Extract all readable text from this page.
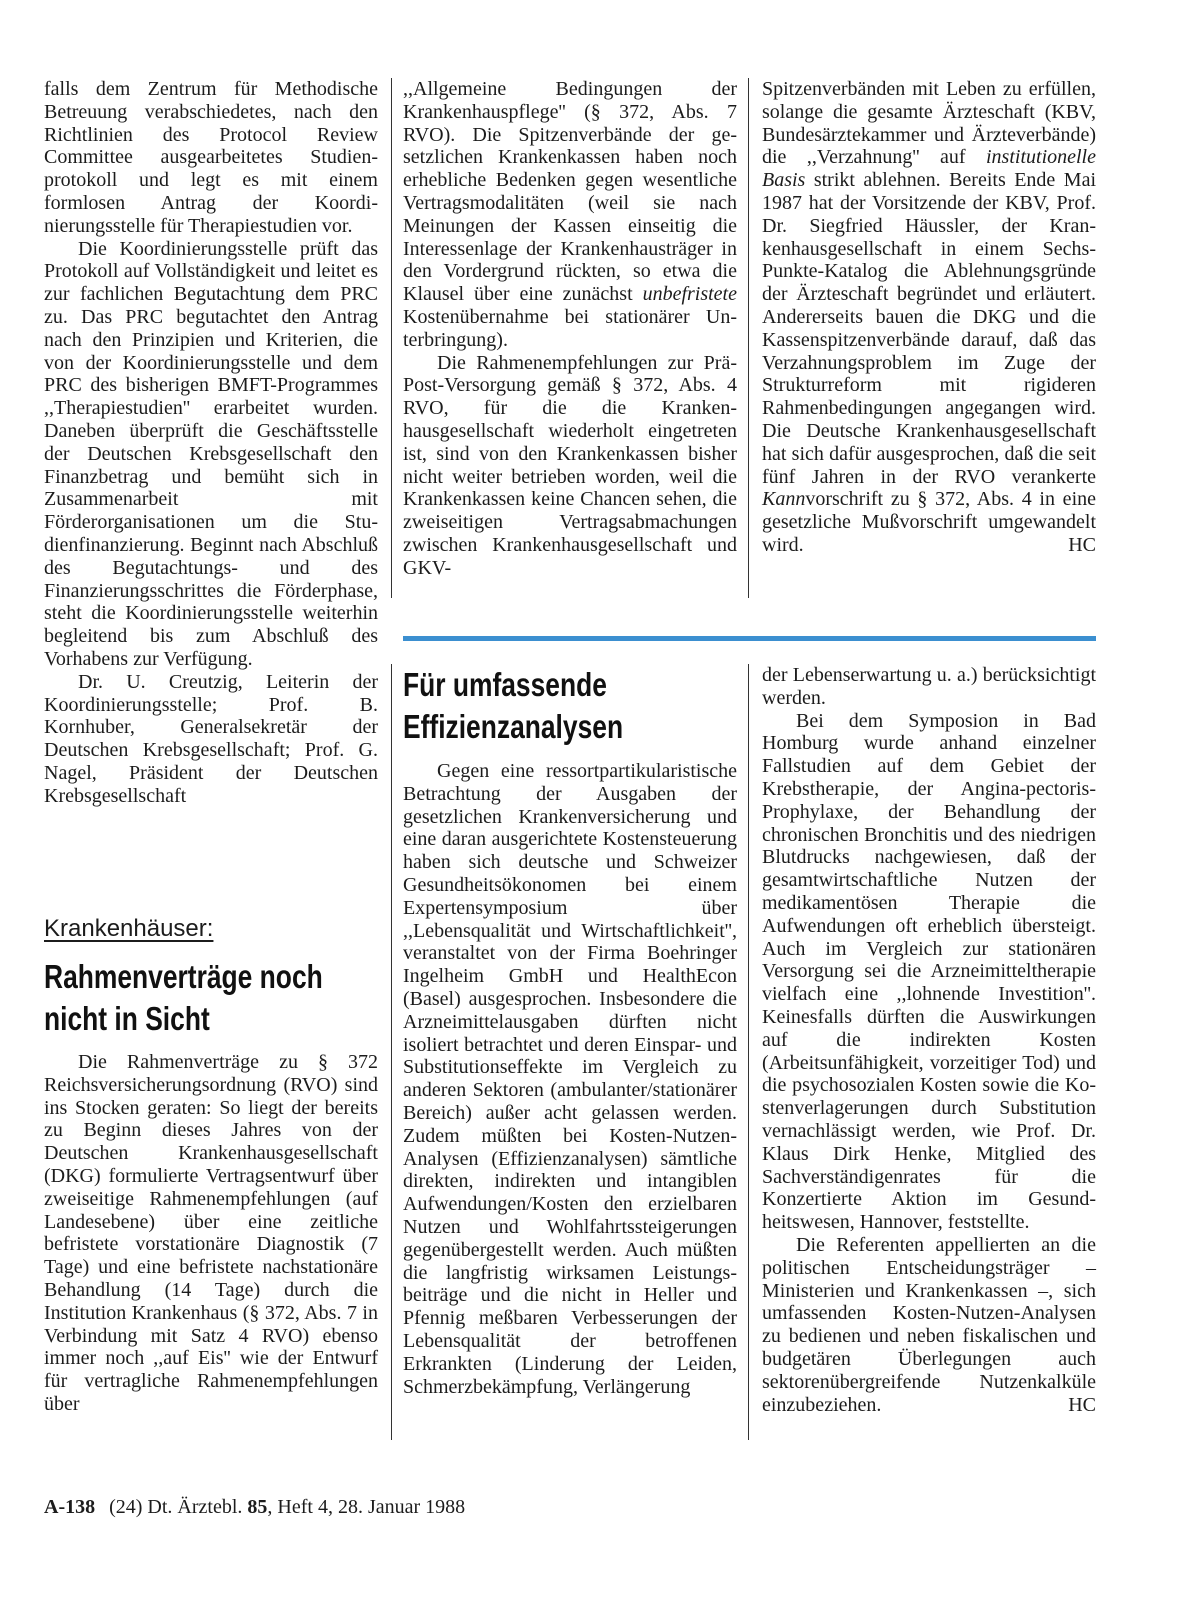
falls dem Zentrum für Methodische Betreuung verabschiedetes, nach den Richtlinien des Protocol Review Committee ausgearbeitetes Studienprotokoll und legt es mit einem formlosen Antrag der Koordinierungsstelle für Therapiestudien vor.

Die Koordinierungsstelle prüft das Protokoll auf Vollständigkeit und leitet es zur fachlichen Begutachtung dem PRC zu. Das PRC begutachtet den Antrag nach den Prinzipien und Kriterien, die von der Koordinierungsstelle und dem PRC des bisherigen BMFT-Programmes ,,Therapiestudien'' erarbeitet wurden. Daneben überprüft die Geschäftsstelle der Deutschen Krebsgesellschaft den Finanzbetrag und bemüht sich in Zusammenarbeit mit Förderorganisationen um die Studienfinanzierung. Beginnt nach Abschluß des Begutachtungs- und des Finanzierungsschrittes die Förderphase, steht die Koordinierungsstelle weiterhin begleitend bis zum Abschluß des Vorhabens zur Verfügung.

Dr. U. Creutzig, Leiterin der Koordinierungsstelle; Prof. B. Kornhuber, Generalsekretär der Deutschen Krebsgesellschaft; Prof. G. Nagel, Präsident der Deutschen Krebsgesellschaft

Krankenhäuser:
Rahmenverträge noch
nicht in Sicht

Die Rahmenverträge zu § 372 Reichsversicherungsordnung (RVO) sind ins Stocken geraten: So liegt der bereits zu Beginn dieses Jahres von der Deutschen Krankenhausgesellschaft (DKG) formulierte Vertragsentwurf über zweiseitige Rahmenempfehlungen (auf Landesebene) über eine zeitliche befristete vorstationäre Diagnostik (7 Tage) und eine befristete nachstationäre Behandlung (14 Tage) durch die Institution Krankenhaus (§ 372, Abs. 7 in Verbindung mit Satz 4 RVO) ebenso immer noch ,,auf Eis'' wie der Entwurf für vertragliche Rahmenempfehlungen über

,,Allgemeine Bedingungen der Krankenhauspflege'' (§ 372, Abs. 7 RVO). Die Spitzenverbände der gesetzlichen Krankenkassen haben noch erhebliche Bedenken gegen wesentliche Vertragsmodalitäten (weil sie nach Meinungen der Kassen einseitig die Interessenlage der Krankenhausträger in den Vordergrund rückten, so etwa die Klausel über eine zunächst unbefristete Kostenübernahme bei stationärer Unterbringung).

Die Rahmenempfehlungen zur Prä-Post-Versorgung gemäß § 372, Abs. 4 RVO, für die die Krankenhausgesellschaft wiederholt eingetreten ist, sind von den Krankenkassen bisher nicht weiter betrieben worden, weil die Krankenkassen keine Chancen sehen, die zweiseitigen Vertragsabmachungen zwischen Krankenhausgesellschaft und GKV-

Spitzenverbänden mit Leben zu erfüllen, solange die gesamte Ärzteschaft (KBV, Bundesärztekammer und Ärzteverbände) die ,,Verzahnung'' auf institutionelle Basis strikt ablehnen. Bereits Ende Mai 1987 hat der Vorsitzende der KBV, Prof. Dr. Siegfried Häussler, der Krankenhausgesellschaft in einem Sechs-Punkte-Katalog die Ablehnungsgründe der Ärzteschaft begründet und erläutert. Andererseits bauen die DKG und die Kassenspitzenverbände darauf, daß das Verzahnungsproblem im Zuge der Strukturreform mit rigideren Rahmenbedingungen angegangen wird. Die Deutsche Krankenhausgesellschaft hat sich dafür ausgesprochen, daß die seit fünf Jahren in der RVO verankerte Kannvorschrift zu § 372, Abs. 4 in eine gesetzliche Mußvorschrift umgewandelt wird.	HC

Für umfassende
Effizienzanalysen

Gegen eine ressortpartikularistische Betrachtung der Ausgaben der gesetzlichen Krankenversicherung und eine daran ausgerichtete Kostensteuerung haben sich deutsche und Schweizer Gesundheitsökonomen bei einem Expertensymposium über ,,Lebensqualität und Wirtschaftlichkeit'', veranstaltet von der Firma Boehringer Ingelheim GmbH und HealthEcon (Basel) ausgesprochen. Insbesondere die Arzneimittelausgaben dürften nicht isoliert betrachtet und deren Einspar- und Substitutionseffekte im Vergleich zu anderen Sektoren (ambulanter/stationärer Bereich) außer acht gelassen werden. Zudem müßten bei Kosten-Nutzen-Analysen (Effizienzanalysen) sämtliche direkten, indirekten und intangiblen Aufwendungen/Kosten den erzielbaren Nutzen und Wohlfahrtssteigerungen gegenübergestellt werden. Auch müßten die langfristig wirksamen Leistungsbeiträge und die nicht in Heller und Pfennig meßbaren Verbesserungen der Lebensqualität der betroffenen Erkrankten (Linderung der Leiden, Schmerzbekämpfung, Verlängerung

der Lebenserwartung u. a.) berücksichtigt werden.

Bei dem Symposion in Bad Homburg wurde anhand einzelner Fallstudien auf dem Gebiet der Krebstherapie, der Angina-pectoris-Prophylaxe, der Behandlung der chronischen Bronchitis und des niedrigen Blutdrucks nachgewiesen, daß der gesamtwirtschaftliche Nutzen der medikamentösen Therapie die Aufwendungen oft erheblich übersteigt. Auch im Vergleich zur stationären Versorgung sei die Arzneimitteltherapie vielfach eine ,,lohnende Investition''. Keinesfalls dürften die Auswirkungen auf die indirekten Kosten (Arbeitsunfähigkeit, vorzeitiger Tod) und die psychosozialen Kosten sowie die Kostenverlagerungen durch Substitution vernachlässigt werden, wie Prof. Dr. Klaus Dirk Henke, Mitglied des Sachverständigenrates für die Konzertierte Aktion im Gesundheitswesen, Hannover, feststellte.

Die Referenten appellierten an die politischen Entscheidungsträger – Ministerien und Krankenkassen –, sich umfassenden Kosten-Nutzen-Analysen zu bedienen und neben fiskalischen und budgetären Überlegungen auch sektorenübergreifende Nutzenkalküle einzubeziehen.	HC

A-138 (24) Dt. Ärztebl. 85, Heft 4, 28. Januar 1988
